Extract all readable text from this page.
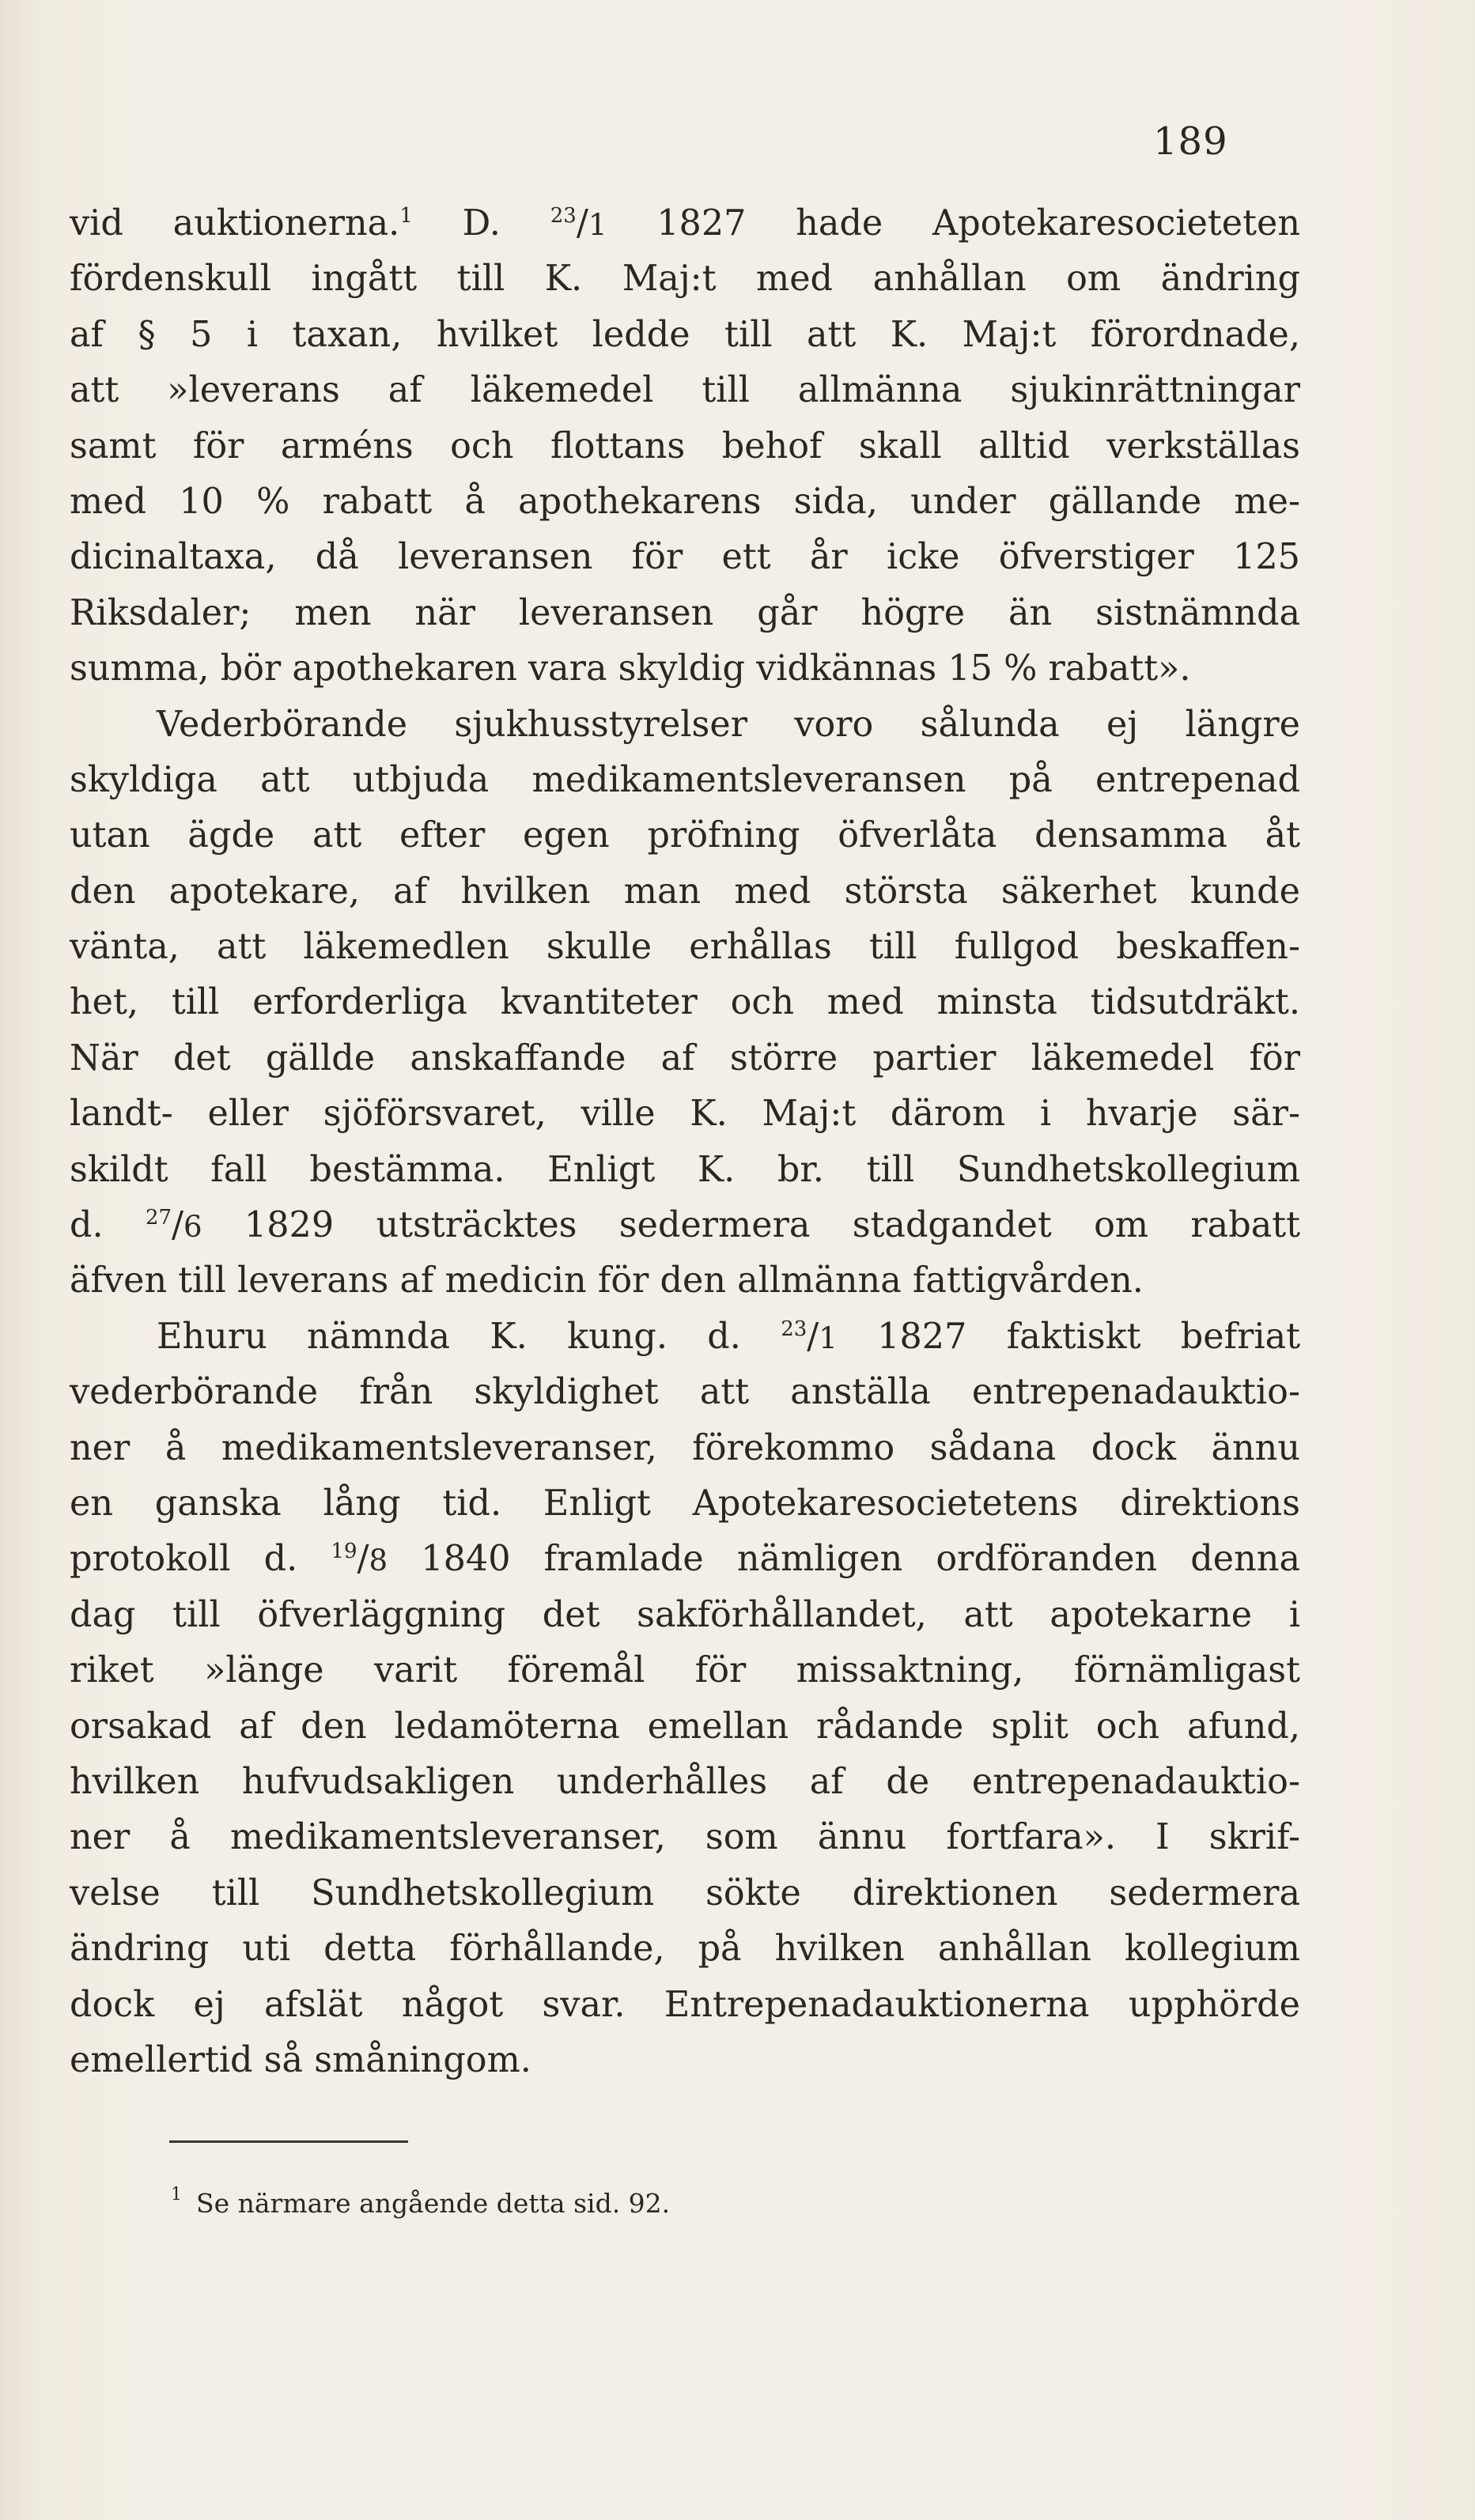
189
vid auktionerna.$^1$ D. $^{23}$/1 1827 hade Apotekaresocieteten
fördenskull ingått till K. Maj:t med anhållan om ändring
af § 5 i taxan, hvilket ledde till att K. Maj:t förordnade,
att »leverans af läkemedel till allmänna sjukinrättningar
samt för arméns och flottans behof skall alltid verkställas
med 10 % rabatt å apothekarens sida, under gällande me-
dicinaltaxa, då leveransen för ett år icke öfverstiger 125
Riksdaler; men när leveransen går högre än sistnämnda
summa, bör apothekaren vara skyldig vidkännas 15 % rabatt».
Vederbörande sjukhusstyrelser voro sålunda ej längre
skyldiga att utbjuda medikamentsleveransen på entrepenad
utan ägde att efter egen pröfning öfverlåta densamma åt
den apotekare, af hvilken man med största säkerhet kunde
vänta, att läkemedlen skulle erhållas till fullgod beskaffen-
het, till erforderliga kvantiteter och med minsta tidsutdräkt.
När det gällde anskaffande af större partier läkemedel för
landt- eller sjöförsvaret, ville K. Maj:t därom i hvarje sär-
skildt fall bestämma. Enligt K. br. till Sundhetskollegium
d. $^{27}$/6 1829 utsträcktes sedermera stadgandet om rabatt
äfven till leverans af medicin för den allmänna fattigvården.
Ehuru nämnda K. kung. d. $^{23}$/1 1827 faktiskt befriat
vederbörande från skyldighet att anställa entrepenadauktio-
ner å medikamentsleveranser, förekommo sådana dock ännu
en ganska lång tid. Enligt Apotekaresocietetens direktions
protokoll d. $^{19}$/8 1840 framlade nämligen ordföranden denna
dag till öfverläggning det sakförhållandet, att apotekarne i
riket »länge varit föremål för missaktning, förnämligast
orsakad af den ledamöterna emellan rådande split och afund,
hvilken hufvudsakligen underhålles af de entrepenadauktio-
ner å medikamentsleveranser, som ännu fortfara». I skrif-
velse till Sundhetskollegium sökte direktionen sedermera
ändring uti detta förhållande, på hvilken anhållan kollegium
dock ej afslät något svar. Entrepenadauktionerna upphörde
emellertid så småningom.
$^1$ Se närmare angående detta sid. 92.
